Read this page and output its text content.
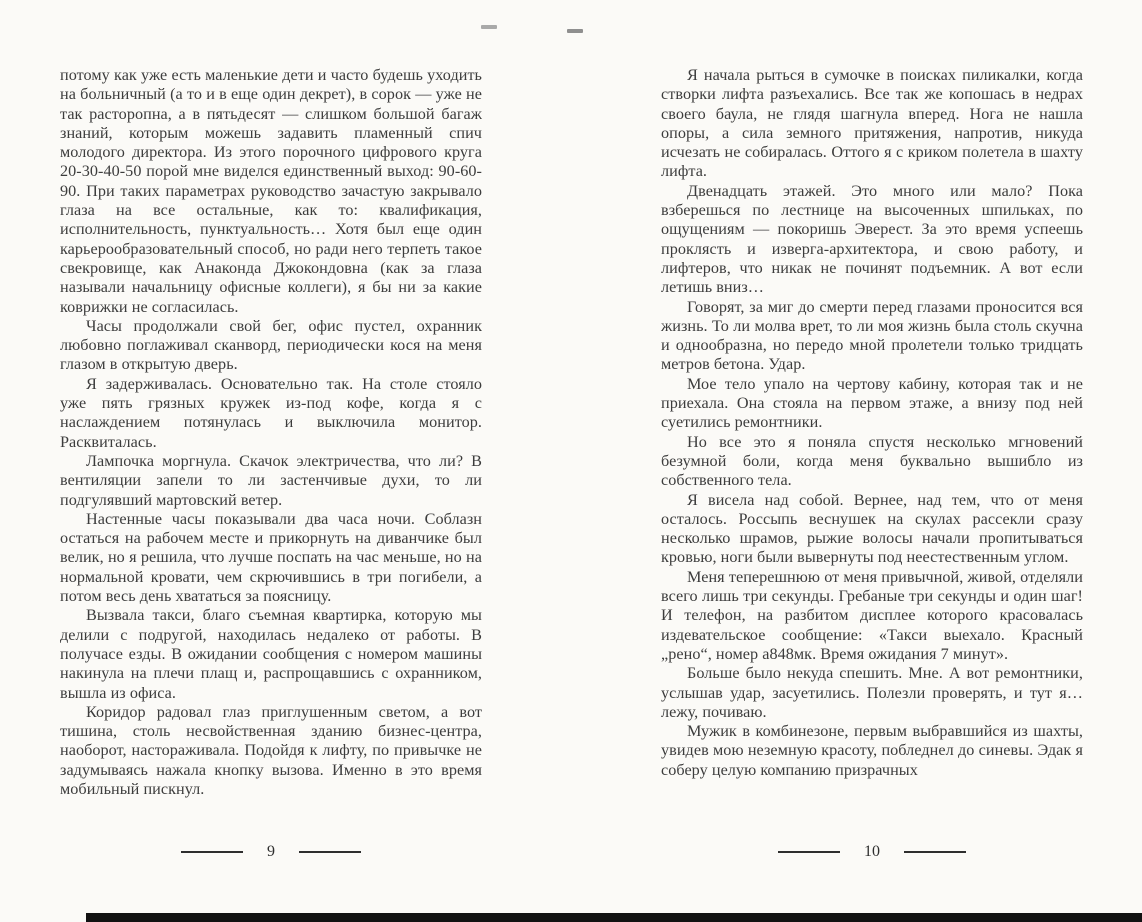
потому как уже есть маленькие дети и часто будешь уходить на больничный (а то и в еще один декрет), в сорок — уже не так расторопна, а в пятьдесят — слишком большой багаж знаний, которым можешь задавить пламенный спич молодого директора. Из этого порочного цифрового круга 20-30-40-50 порой мне виделся единственный выход: 90-60-90. При таких параметрах руководство зачастую закрывало глаза на все остальные, как то: квалификация, исполнительность, пунктуальность… Хотя был еще один карьерообразовательный способ, но ради него терпеть такое свекровище, как Анаконда Джокондовна (как за глаза называли начальницу офисные коллеги), я бы ни за какие коврижки не согласилась.

Часы продолжали свой бег, офис пустел, охранник любовно поглаживал сканворд, периодически кося на меня глазом в открытую дверь.

Я задерживалась. Основательно так. На столе стояло уже пять грязных кружек из-под кофе, когда я с наслаждением потянулась и выключила монитор. Расквиталась.

Лампочка моргнула. Скачок электричества, что ли? В вентиляции запели то ли застенчивые духи, то ли подгулявший мартовский ветер.

Настенные часы показывали два часа ночи. Соблазн остаться на рабочем месте и прикорнуть на диванчике был велик, но я решила, что лучше поспать на час меньше, но на нормальной кровати, чем скрючившись в три погибели, а потом весь день хвататься за поясницу.

Вызвала такси, благо съемная квартирка, которую мы делили с подругой, находилась недалеко от работы. В получасе езды. В ожидании сообщения с номером машины накинула на плечи плащ и, распрощавшись с охранником, вышла из офиса.

Коридор радовал глаз приглушенным светом, а вот тишина, столь несвойственная зданию бизнес-центра, наоборот, настораживала. Подойдя к лифту, по привычке не задумываясь нажала кнопку вызова. Именно в это время мобильный пискнул.

9

Я начала рыться в сумочке в поисках пиликалки, когда створки лифта разъехались. Все так же копошась в недрах своего баула, не глядя шагнула вперед. Нога не нашла опоры, а сила земного притяжения, напротив, никуда исчезать не собиралась. Оттого я с криком полетела в шахту лифта.

Двенадцать этажей. Это много или мало? Пока взберешься по лестнице на высоченных шпильках, по ощущениям — покоришь Эверест. За это время успеешь проклясть и изверга-архитектора, и свою работу, и лифтеров, что никак не починят подъемник. А вот если летишь вниз…

Говорят, за миг до смерти перед глазами проносится вся жизнь. То ли молва врет, то ли моя жизнь была столь скучна и однообразна, но передо мной пролетели только тридцать метров бетона. Удар.

Мое тело упало на чертову кабину, которая так и не приехала. Она стояла на первом этаже, а внизу под ней суетились ремонтники.

Но все это я поняла спустя несколько мгновений безумной боли, когда меня буквально вышибло из собственного тела.

Я висела над собой. Вернее, над тем, что от меня осталось. Россыпь веснушек на скулах рассекли сразу несколько шрамов, рыжие волосы начали пропитываться кровью, ноги были вывернуты под неестественным углом.

Меня теперешнюю от меня привычной, живой, отделяли всего лишь три секунды. Гребаные три секунды и один шаг! И телефон, на разбитом дисплее которого красовалась издевательское сообщение: «Такси выехало. Красный „рено“, номер а848мк. Время ожидания 7 минут».

Больше было некуда спешить. Мне. А вот ремонтники, услышав удар, засуетились. Полезли проверять, и тут я… лежу, почиваю.

Мужик в комбинезоне, первым выбравшийся из шахты, увидев мою неземную красоту, побледнел до синевы. Эдак я соберу целую компанию призрачных

10
